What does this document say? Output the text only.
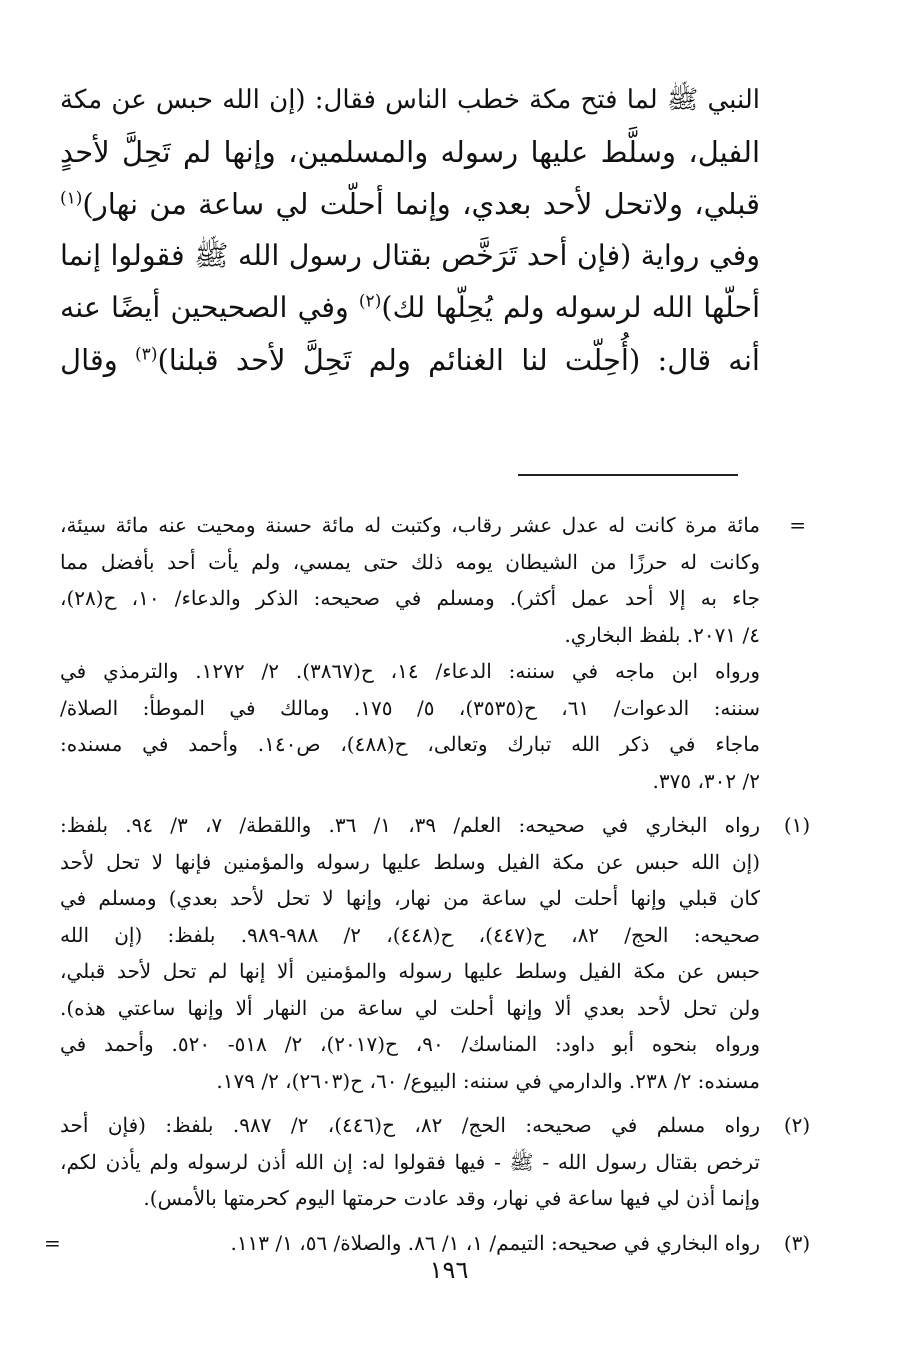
النبي ﷺ لما فتح مكة خطب الناس فقال: (إن الله حبس عن مكة

الفيل، وسلَّط عليها رسوله والمسلمين، وإنها لم تَحِلَّ لأحدٍ

قبلي، ولاتحل لأحد بعدي، وإنما أحلّت لي ساعة من نهار)$^{(١)}$

وفي رواية (فإن أحد تَرَخَّص بقتال رسول الله ﷺ فقولوا إنما

أحلّها الله لرسوله ولم يُحِلّها لك)$^{(٢)}$ وفي الصحيحين أيضًا عنه

أنه قال: (أُحِلّت لنا الغنائم ولم تَحِلَّ لأحد قبلنا)$^{(٣)}$ وقال

=
مائة مرة كانت له عدل عشر رقاب، وكتبت له مائة حسنة ومحيت عنه مائة سيئة،
وكانت له حرزًا من الشيطان يومه ذلك حتى يمسي، ولم يأت أحد بأفضل مما
جاء به إلا أحد عمل أكثر). ومسلم في صحيحه: الذكر والدعاء/ ١٠، ح(٢٨)،
٤/ ٢٠٧١. بلفظ البخاري.
ورواه ابن ماجه في سننه: الدعاء/ ١٤، ح(٣٨٦٧). ٢/ ١٢٧٢. والترمذي في
سننه: الدعوات/ ٦١، ح(٣٥٣٥)، ٥/ ١٧٥. ومالك في الموطأ: الصلاة/
ماجاء في ذكر الله تبارك وتعالى، ح(٤٨٨)، ص١٤٠. وأحمد في مسنده:
٢/ ٣٠٢، ٣٧٥.
(١)
رواه البخاري في صحيحه: العلم/ ٣٩، ١/ ٣٦. واللقطة/ ٧، ٣/ ٩٤. بلفظ:
(إن الله حبس عن مكة الفيل وسلط عليها رسوله والمؤمنين فإنها لا تحل لأحد
كان قبلي وإنها أحلت لي ساعة من نهار، وإنها لا تحل لأحد بعدي) ومسلم في
صحيحه: الحج/ ٨٢، ح(٤٤٧)، ح(٤٤٨)، ٢/ ٩٨٨-٩٨٩. بلفظ: (إن الله
حبس عن مكة الفيل وسلط عليها رسوله والمؤمنين ألا إنها لم تحل لأحد قبلي،
ولن تحل لأحد بعدي ألا وإنها أحلت لي ساعة من النهار ألا وإنها ساعتي هذه).
ورواه بنحوه أبو داود: المناسك/ ٩٠، ح(٢٠١٧)، ٢/ ٥١٨- ٥٢٠. وأحمد في
مسنده: ٢/ ٢٣٨. والدارمي في سننه: البيوع/ ٦٠، ح(٢٦٠٣)، ٢/ ١٧٩.
(٢)
رواه مسلم في صحيحه: الحج/ ٨٢، ح(٤٤٦)، ٢/ ٩٨٧. بلفظ: (فإن أحد
ترخص بقتال رسول الله - ﷺ - فيها فقولوا له: إن الله أذن لرسوله ولم يأذن لكم،
وإنما أذن لي فيها ساعة في نهار، وقد عادت حرمتها اليوم كحرمتها بالأمس).
(٣)
رواه البخاري في صحيحه: التيمم/ ١، ١/ ٨٦. والصلاة/ ٥٦، ١/ ١١٣.
=
١٩٦
